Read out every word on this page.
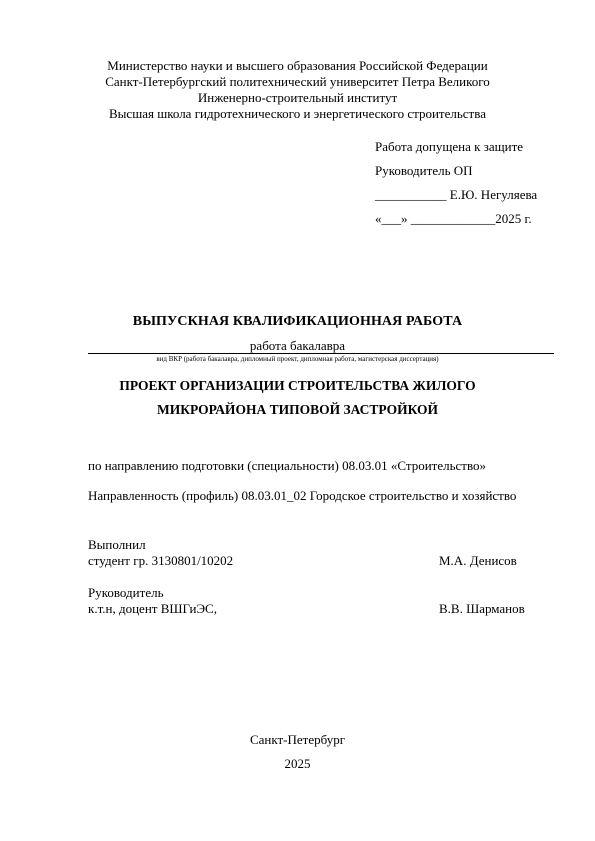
Министерство науки и высшего образования Российской Федерации
Санкт-Петербургский политехнический университет Петра Великого
Инженерно-строительный институт
Высшая школа гидротехнического и энергетического строительства
Работа допущена к защите
Руководитель ОП
___________ Е.Ю. Негуляева
«___» _____________2025 г.
ВЫПУСКНАЯ КВАЛИФИКАЦИОННАЯ РАБОТА
работа бакалавра
вид ВКР (работа бакалавра, дипломный проект, дипломная работа, магистерская диссертация)
ПРОЕКТ ОРГАНИЗАЦИИ СТРОИТЕЛЬСТВА ЖИЛОГО
МИКРОРАЙОНА ТИПОВОЙ ЗАСТРОЙКОЙ
по направлению подготовки (специальности) 08.03.01 «Строительство»
Направленность (профиль) 08.03.01_02 Городское строительство и хозяйство
Выполнил
студент гр. 3130801/10202	М.А. Денисов
Руководитель
к.т.н, доцент ВШГиЭС,	В.В. Шарманов
Санкт-Петербург
2025
